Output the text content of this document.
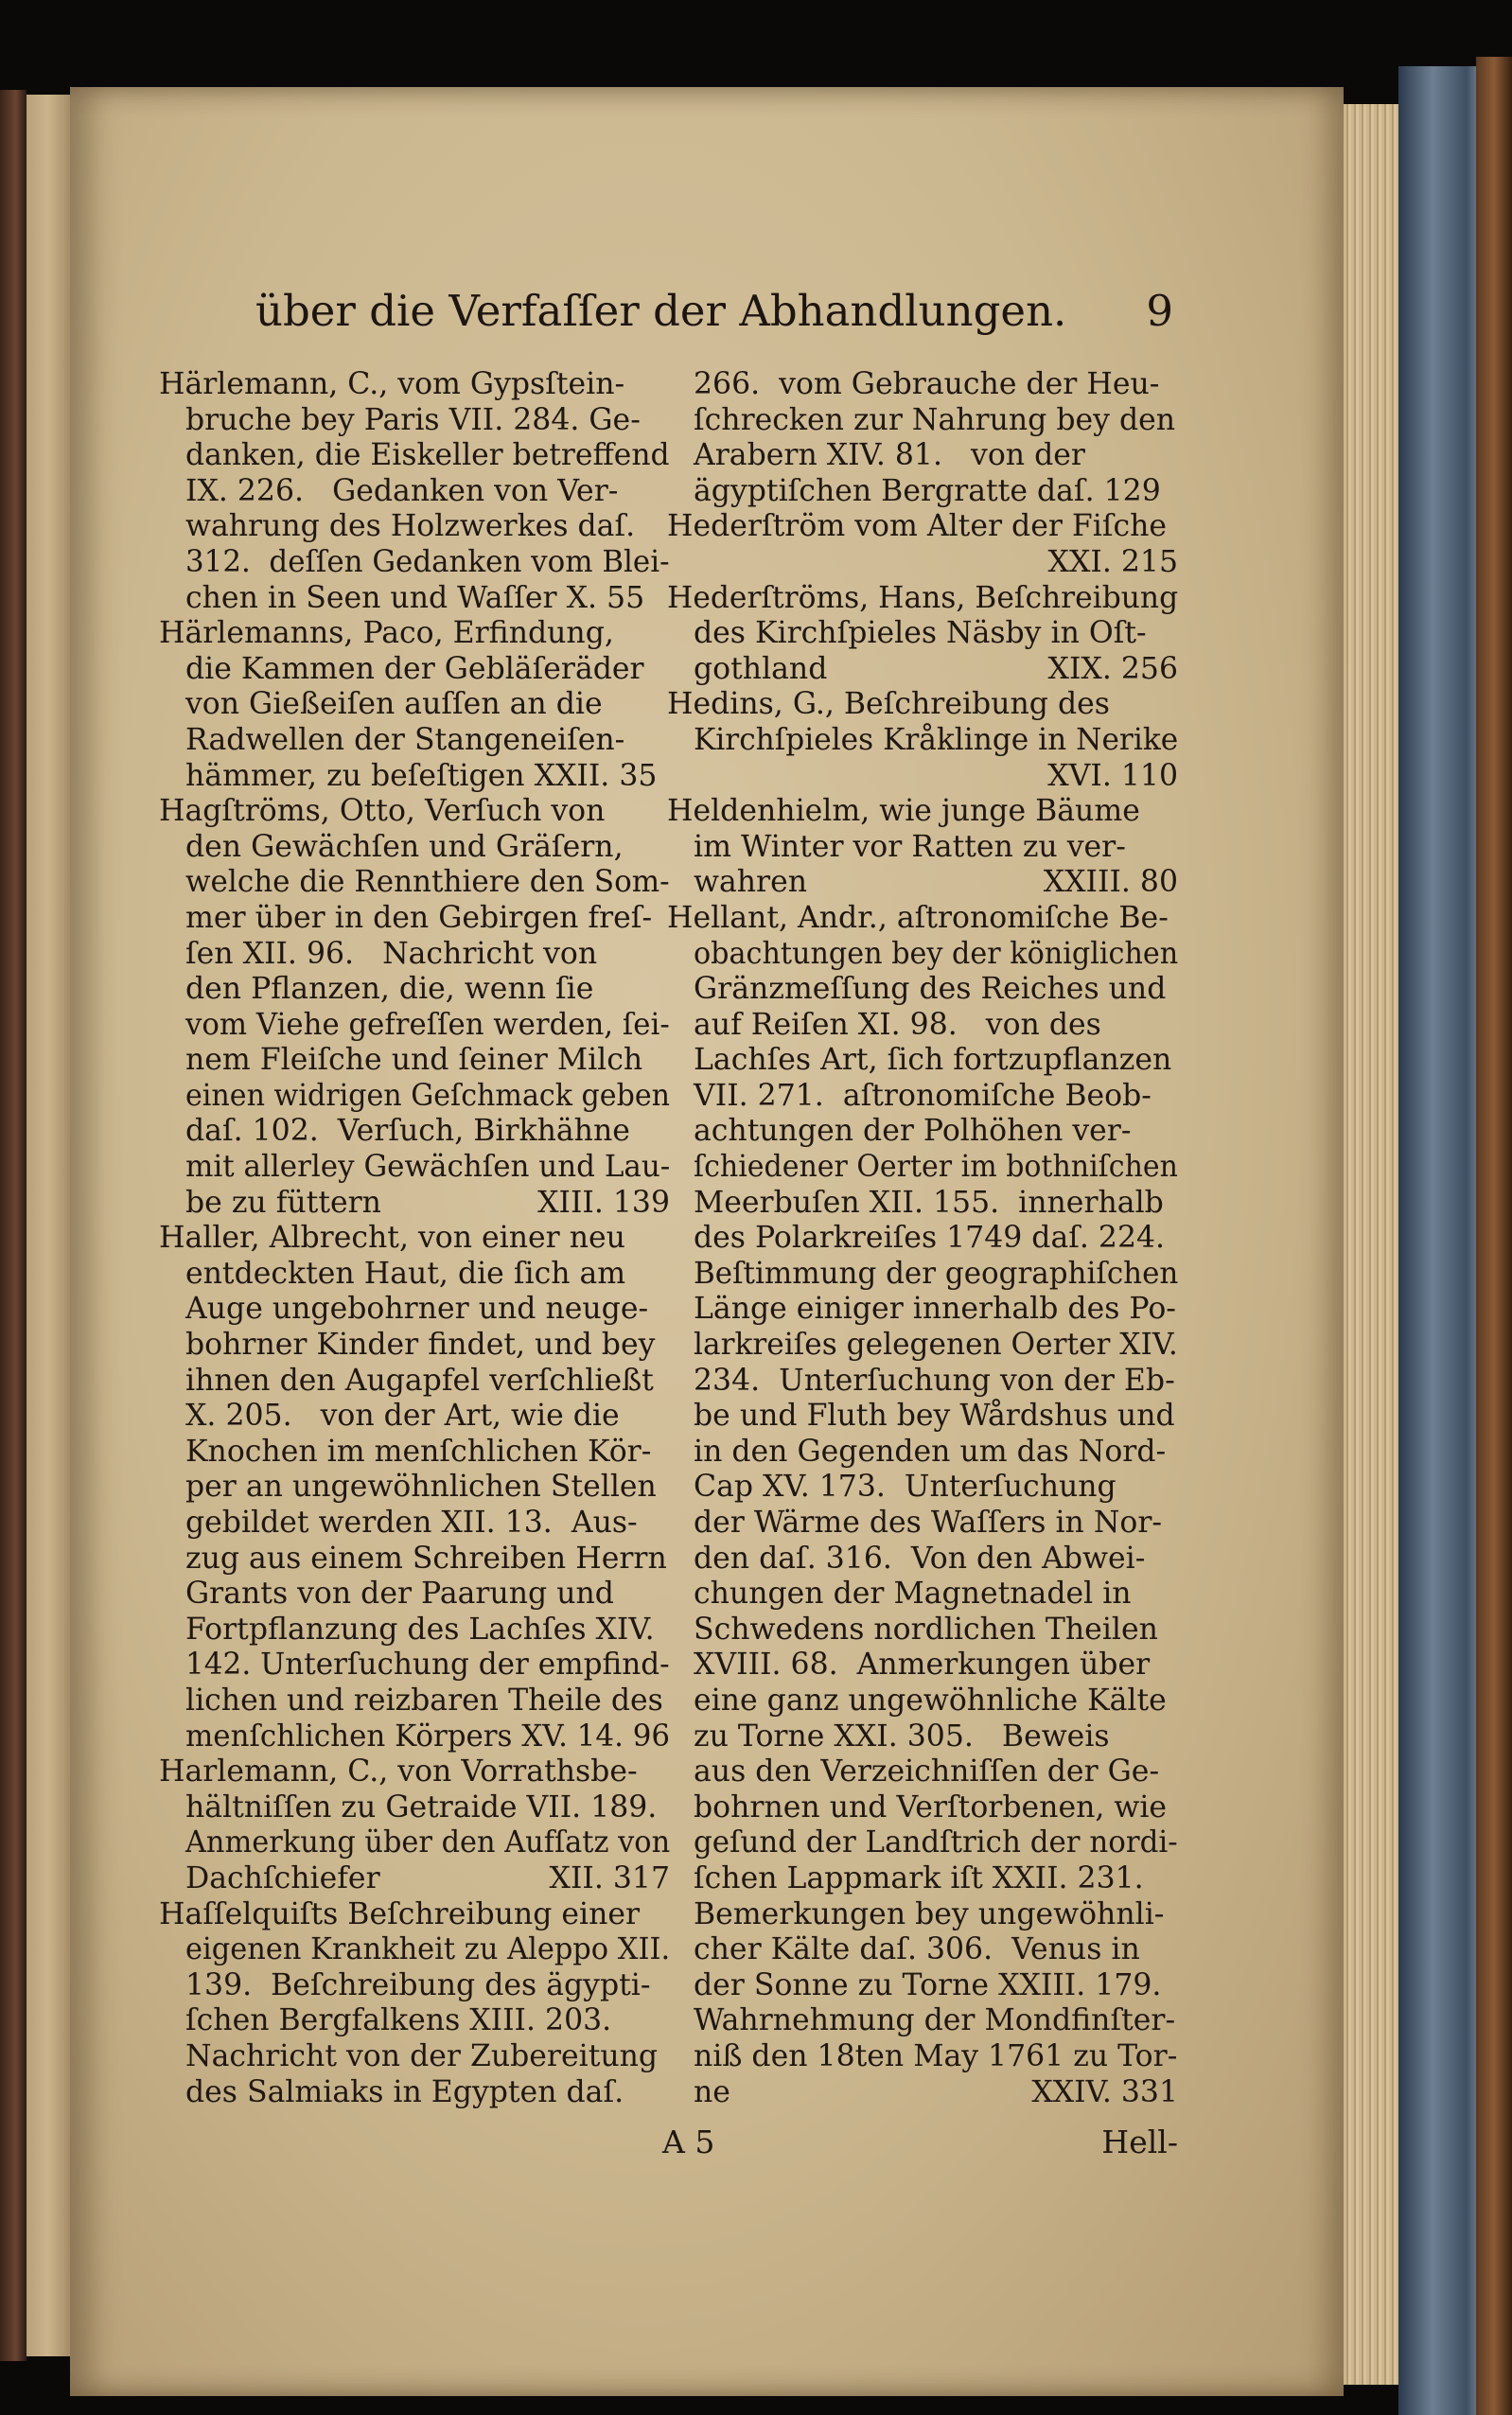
über die Verfaſſer der Abhandlungen. 9
Härlemann, C., vom Gypsſtein-
bruche bey Paris VII. 284. Ge-
danken, die Eiskeller betreffend
IX. 226.   Gedanken von Ver-
wahrung des Holzwerkes daſ.
312.  deſſen Gedanken vom Blei-
chen in Seen und Waſſer X. 55
Härlemanns, Paco, Erfindung,
die Kammen der Gebläſeräder
von Gießeiſen auſſen an die
Radwellen der Stangeneiſen-
hämmer, zu beſeſtigen XXII. 35
Hagſtröms, Otto, Verſuch von
den Gewächſen und Gräſern,
welche die Rennthiere den Som-
mer über in den Gebirgen freſ-
ſen XII. 96.   Nachricht von
den Pflanzen, die, wenn ſie
vom Viehe gefreſſen werden, ſei-
nem Fleiſche und ſeiner Milch
einen widrigen Geſchmack geben
daſ. 102.  Verſuch, Birkhähne
mit allerley Gewächſen und Lau-
be zu füttern	XIII. 139
Haller, Albrecht, von einer neu
entdeckten Haut, die ſich am
Auge ungebohrner und neuge-
bohrner Kinder findet, und bey
ihnen den Augapfel verſchließt
X. 205.   von der Art, wie die
Knochen im menſchlichen Kör-
per an ungewöhnlichen Stellen
gebildet werden XII. 13.  Aus-
zug aus einem Schreiben Herrn
Grants von der Paarung und
Fortpflanzung des Lachſes XIV.
142. Unterſuchung der empfind-
lichen und reizbaren Theile des
menſchlichen Körpers XV. 14. 96
Harlemann, C., von Vorrathsbe-
hältniſſen zu Getraide VII. 189.
Anmerkung über den Aufſatz von
Dachſchiefer	XII. 317
Haſſelquiſts Beſchreibung einer
eigenen Krankheit zu Aleppo XII.
139.  Beſchreibung des ägypti-
ſchen Bergfalkens XIII. 203.
Nachricht von der Zubereitung
des Salmiaks in Egypten daſ.
266.  vom Gebrauche der Heu-
ſchrecken zur Nahrung bey den
Arabern XIV. 81.   von der
ägyptiſchen Bergratte daſ. 129
Hederſtröm vom Alter der Fiſche
XXI. 215
Hederſtröms, Hans, Beſchreibung
des Kirchſpieles Näsby in Oſt-
gothland	XIX. 256
Hedins, G., Beſchreibung des
Kirchſpieles Kråklinge in Nerike
XVI. 110
Heldenhielm, wie junge Bäume
im Winter vor Ratten zu ver-
wahren	XXIII. 80
Hellant, Andr., aſtronomiſche Be-
obachtungen bey der königlichen
Gränzmeſſung des Reiches und
auf Reiſen XI. 98.   von des
Lachſes Art, ſich fortzupflanzen
VII. 271.  aſtronomiſche Beob-
achtungen der Polhöhen ver-
ſchiedener Oerter im bothniſchen
Meerbuſen XII. 155.  innerhalb
des Polarkreiſes 1749 daſ. 224.
Beſtimmung der geographiſchen
Länge einiger innerhalb des Po-
larkreiſes gelegenen Oerter XIV.
234.  Unterſuchung von der Eb-
be und Fluth bey Wårdshus und
in den Gegenden um das Nord-
Cap XV. 173.  Unterſuchung
der Wärme des Waſſers in Nor-
den daſ. 316.  Von den Abwei-
chungen der Magnetnadel in
Schwedens nordlichen Theilen
XVIII. 68.  Anmerkungen über
eine ganz ungewöhnliche Kälte
zu Torne XXI. 305.   Beweis
aus den Verzeichniſſen der Ge-
bohrnen und Verſtorbenen, wie
geſund der Landſtrich der nordi-
ſchen Lappmark iſt XXII. 231.
Bemerkungen bey ungewöhnli-
cher Kälte daſ. 306.  Venus in
der Sonne zu Torne XXIII. 179.
Wahrnehmung der Mondfinſter-
niß den 18ten May 1761 zu Tor-
ne	XXIV. 331
A 5	Hell-
